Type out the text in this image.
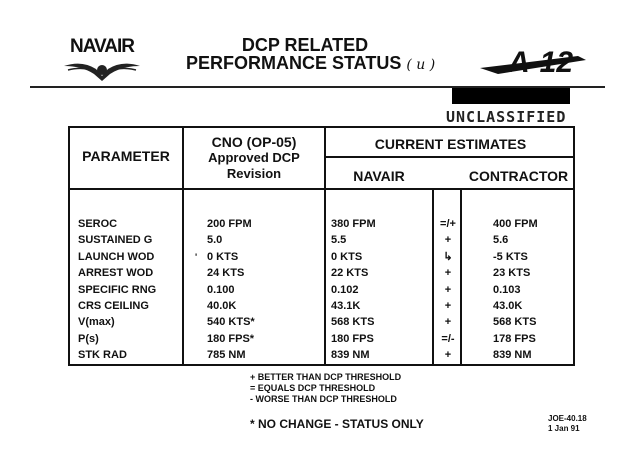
NAVAIR	DCP RELATED
PERFORMANCE STATUS ( u ) A-12
UNCLASSIFIED
PARAMETER
CNO (OP-05)
Approved DCP
Revision
CURRENT ESTIMATES
NAVAIR	CONTRACTOR
SEROC	200 FPM	380 FPM	=/+	400 FPM
SUSTAINED G	5.0	5.5	+	5.6
LAUNCH WOD	' 0 KTS	0 KTS	↳	-5 KTS
ARREST WOD	24 KTS	22 KTS	+	23 KTS
SPECIFIC RNG	0.100	0.102	+	0.103
CRS CEILING	40.0K	43.1K	+	43.0K
V(max)	540 KTS*	568 KTS	+	568 KTS
P(s)	180 FPS*	180 FPS	=/-	178 FPS
STK RAD	785 NM	839 NM	+	839 NM
+ BETTER THAN DCP THRESHOLD
= EQUALS DCP THRESHOLD
- WORSE THAN DCP THRESHOLD
* NO CHANGE - STATUS ONLY	JOE-40.18
1 Jan 91
